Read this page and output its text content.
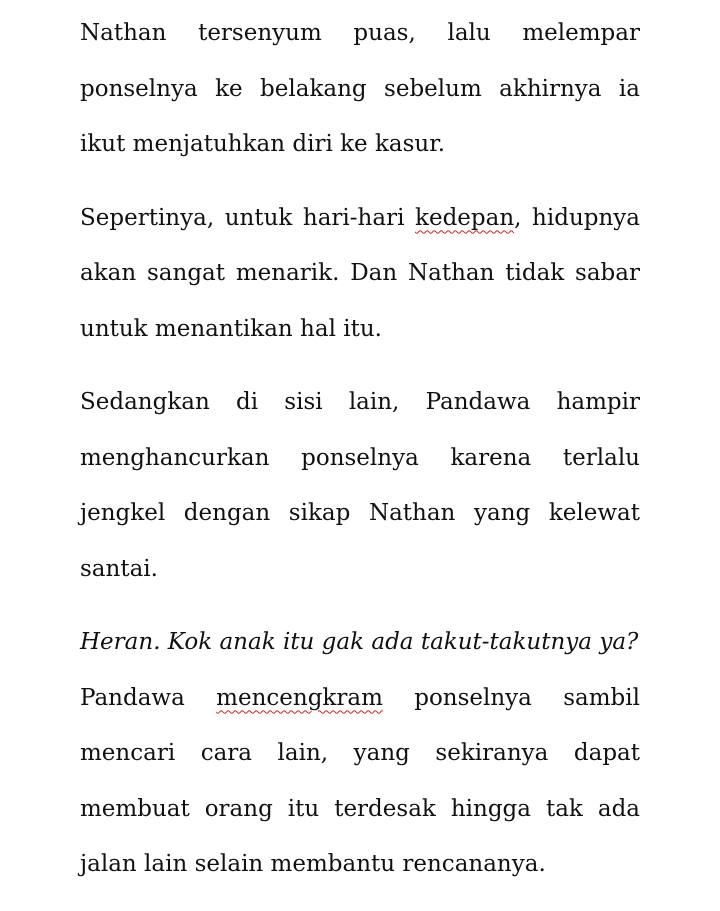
Nathan tersenyum puas, lalu melempar ponselnya ke belakang sebelum akhirnya ia ikut menjatuhkan diri ke kasur.

Sepertinya, untuk hari-hari kedepan, hidupnya akan sangat menarik. Dan Nathan tidak sabar untuk menantikan hal itu.

Sedangkan di sisi lain, Pandawa hampir menghancurkan ponselnya karena terlalu jengkel dengan sikap Nathan yang kelewat santai.

Heran. Kok anak itu gak ada takut-takutnya ya?

Pandawa mencengkram ponselnya sambil mencari cara lain, yang sekiranya dapat membuat orang itu terdesak hingga tak ada jalan lain selain membantu rencananya.
